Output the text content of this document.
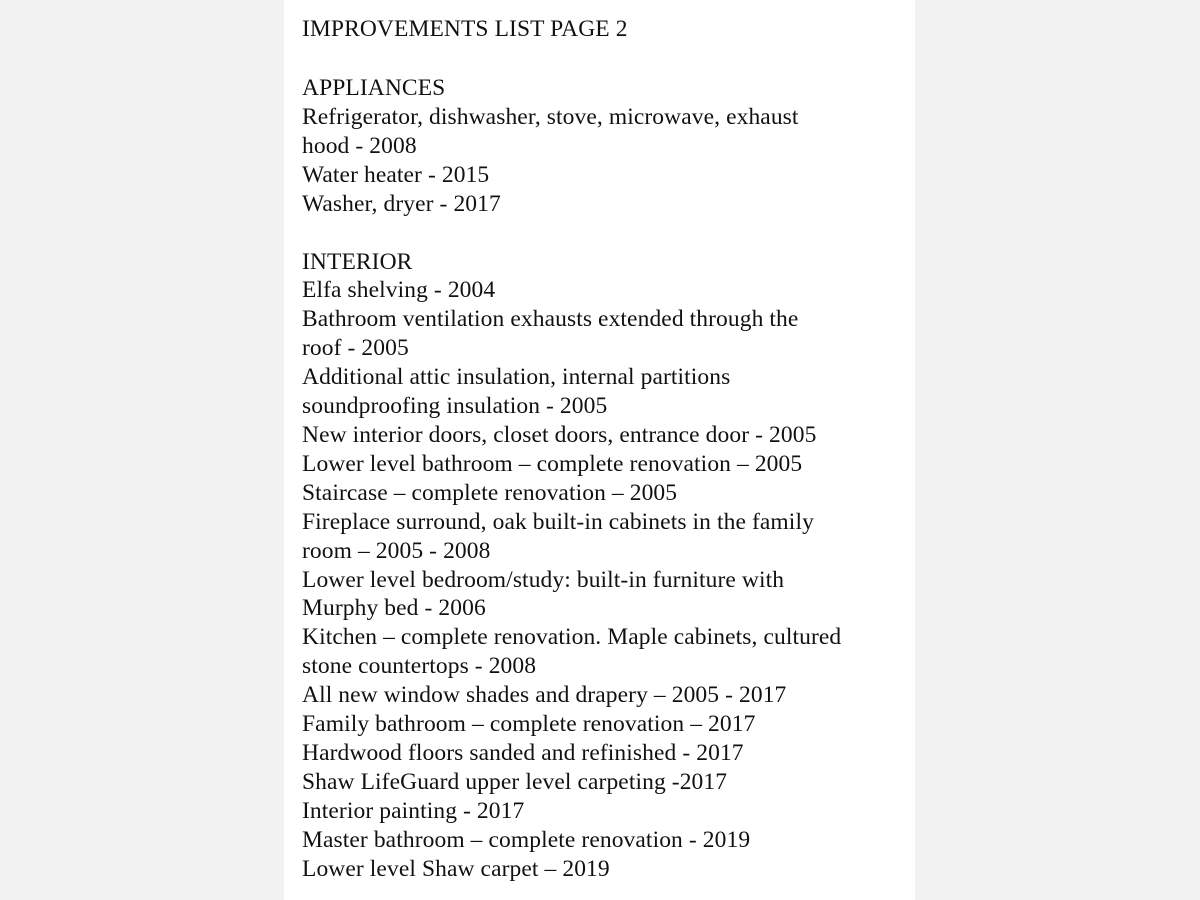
IMPROVEMENTS LIST PAGE 2
APPLIANCES
Refrigerator, dishwasher, stove, microwave, exhaust
hood - 2008
Water heater - 2015
Washer, dryer - 2017
INTERIOR
Elfa shelving - 2004
Bathroom ventilation exhausts extended through the
roof - 2005
Additional attic insulation, internal partitions
soundproofing insulation - 2005
New interior doors, closet doors, entrance door - 2005
Lower level bathroom – complete renovation – 2005
Staircase – complete renovation – 2005
Fireplace surround, oak built-in cabinets in the family
room – 2005 - 2008
Lower level bedroom/study: built-in furniture with
Murphy bed - 2006
Kitchen – complete renovation. Maple cabinets, cultured
stone countertops - 2008
All new window shades and drapery – 2005 - 2017
Family bathroom – complete renovation – 2017
Hardwood floors sanded and refinished - 2017
Shaw LifeGuard upper level carpeting -2017
Interior painting - 2017
Master bathroom – complete renovation - 2019
Lower level Shaw carpet – 2019
